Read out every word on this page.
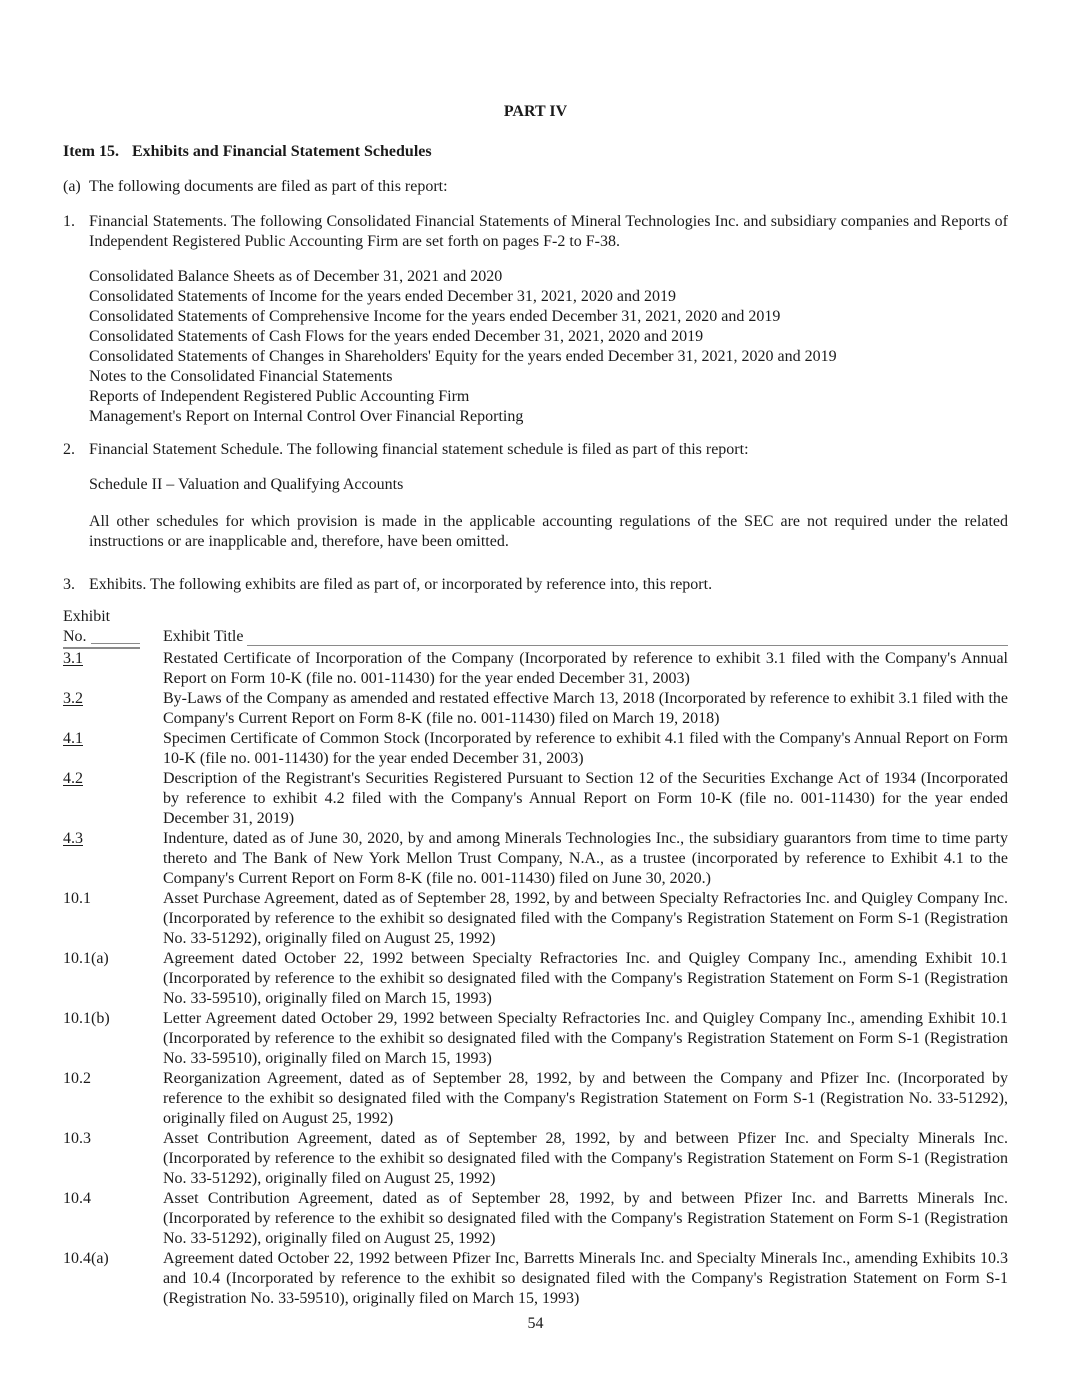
PART IV
Item 15. Exhibits and Financial Statement Schedules
(a) The following documents are filed as part of this report:
1. Financial Statements. The following Consolidated Financial Statements of Mineral Technologies Inc. and subsidiary companies and Reports of Independent Registered Public Accounting Firm are set forth on pages F-2 to F-38.
Consolidated Balance Sheets as of December 31, 2021 and 2020
Consolidated Statements of Income for the years ended December 31, 2021, 2020 and 2019
Consolidated Statements of Comprehensive Income for the years ended December 31, 2021, 2020 and 2019
Consolidated Statements of Cash Flows for the years ended December 31, 2021, 2020 and 2019
Consolidated Statements of Changes in Shareholders' Equity for the years ended December 31, 2021, 2020 and 2019
Notes to the Consolidated Financial Statements
Reports of Independent Registered Public Accounting Firm
Management's Report on Internal Control Over Financial Reporting
2. Financial Statement Schedule. The following financial statement schedule is filed as part of this report:
Schedule II – Valuation and Qualifying Accounts
All other schedules for which provision is made in the applicable accounting regulations of the SEC are not required under the related instructions or are inapplicable and, therefore, have been omitted.
3. Exhibits. The following exhibits are filed as part of, or incorporated by reference into, this report.
Exhibit
No.	Exhibit Title
3.1	Restated Certificate of Incorporation of the Company (Incorporated by reference to exhibit 3.1 filed with the Company's Annual Report on Form 10-K (file no. 001-11430) for the year ended December 31, 2003)
3.2	By-Laws of the Company as amended and restated effective March 13, 2018 (Incorporated by reference to exhibit 3.1 filed with the Company's Current Report on Form 8-K (file no. 001-11430) filed on March 19, 2018)
4.1	Specimen Certificate of Common Stock (Incorporated by reference to exhibit 4.1 filed with the Company's Annual Report on Form 10-K (file no. 001-11430) for the year ended December 31, 2003)
4.2	Description of the Registrant's Securities Registered Pursuant to Section 12 of the Securities Exchange Act of 1934 (Incorporated by reference to exhibit 4.2 filed with the Company's Annual Report on Form 10-K (file no. 001-11430) for the year ended December 31, 2019)
4.3	Indenture, dated as of June 30, 2020, by and among Minerals Technologies Inc., the subsidiary guarantors from time to time party thereto and The Bank of New York Mellon Trust Company, N.A., as a trustee (incorporated by reference to Exhibit 4.1 to the Company's Current Report on Form 8-K (file no. 001-11430) filed on June 30, 2020.)
10.1	Asset Purchase Agreement, dated as of September 28, 1992, by and between Specialty Refractories Inc. and Quigley Company Inc. (Incorporated by reference to the exhibit so designated filed with the Company's Registration Statement on Form S-1 (Registration No. 33-51292), originally filed on August 25, 1992)
10.1(a)	Agreement dated October 22, 1992 between Specialty Refractories Inc. and Quigley Company Inc., amending Exhibit 10.1 (Incorporated by reference to the exhibit so designated filed with the Company's Registration Statement on Form S-1 (Registration No. 33-59510), originally filed on March 15, 1993)
10.1(b)	Letter Agreement dated October 29, 1992 between Specialty Refractories Inc. and Quigley Company Inc., amending Exhibit 10.1 (Incorporated by reference to the exhibit so designated filed with the Company's Registration Statement on Form S-1 (Registration No. 33-59510), originally filed on March 15, 1993)
10.2	Reorganization Agreement, dated as of September 28, 1992, by and between the Company and Pfizer Inc. (Incorporated by reference to the exhibit so designated filed with the Company's Registration Statement on Form S-1 (Registration No. 33-51292), originally filed on August 25, 1992)
10.3	Asset Contribution Agreement, dated as of September 28, 1992, by and between Pfizer Inc. and Specialty Minerals Inc. (Incorporated by reference to the exhibit so designated filed with the Company's Registration Statement on Form S-1 (Registration No. 33-51292), originally filed on August 25, 1992)
10.4	Asset Contribution Agreement, dated as of September 28, 1992, by and between Pfizer Inc. and Barretts Minerals Inc. (Incorporated by reference to the exhibit so designated filed with the Company's Registration Statement on Form S-1 (Registration No. 33-51292), originally filed on August 25, 1992)
10.4(a)	Agreement dated October 22, 1992 between Pfizer Inc, Barretts Minerals Inc. and Specialty Minerals Inc., amending Exhibits 10.3 and 10.4 (Incorporated by reference to the exhibit so designated filed with the Company's Registration Statement on Form S-1 (Registration No. 33-59510), originally filed on March 15, 1993)
54
